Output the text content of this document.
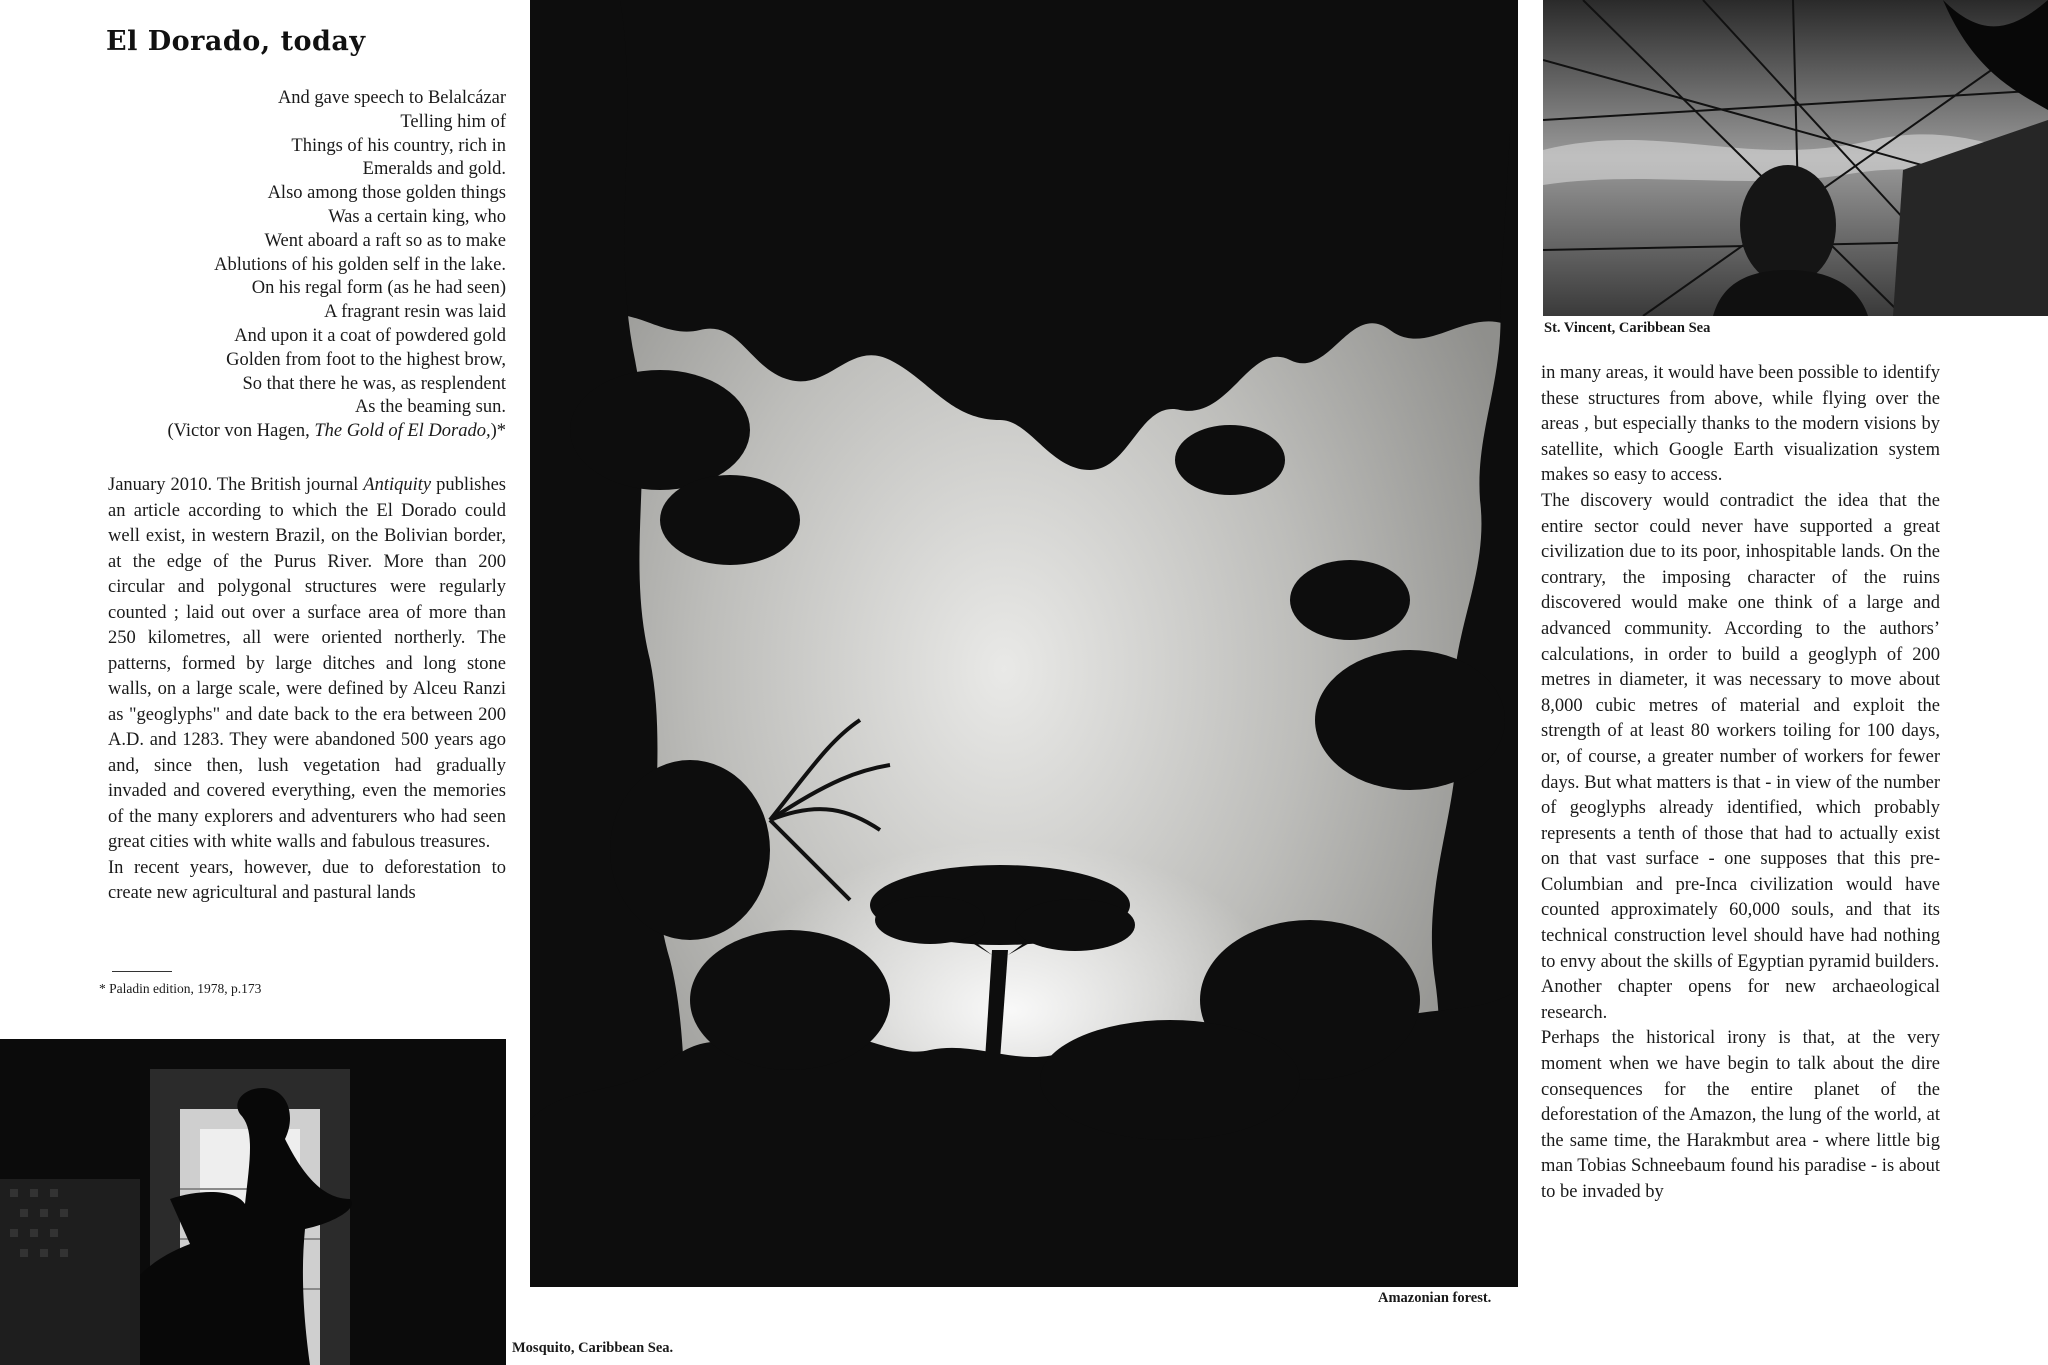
El Dorado, today
And gave speech to Belalcázar
Telling him of
Things of his country, rich in
Emeralds and gold.
Also among those golden things
Was a certain king, who
Went aboard a raft so as to make
Ablutions of his golden self in the lake.
On his regal form (as he had seen)
A fragrant resin was laid
And upon it a coat of powdered gold
Golden from foot to the highest brow,
So that there he was, as resplendent
As the beaming sun.
(Victor von Hagen, The Gold of El Dorado,)*

January 2010. The British journal Antiquity publishes an article according to which the El Dorado could well exist, in western Brazil, on the Bolivian border, at the edge of the Purus River. More than 200 circular and polygonal structures were regularly counted ; laid out over a surface area of more than 250 kilometres, all were oriented northerly. The patterns, formed by large ditches and long stone walls, on a large scale, were defined by Alceu Ranzi as "geoglyphs" and date back to the era between 200 A.D. and 1283. They were abandoned 500 years ago and, since then, lush vegetation had gradually invaded and covered everything, even the memories of the many explorers and adventurers who had seen great cities with white walls and fabulous treasures.

In recent years, however, due to deforestation to create new agricultural and pastural lands

* Paladin edition, 1978, p.173
Amazonian forest.
St. Vincent, Caribbean Sea

in many areas, it would have been possible to identify these structures from above, while flying over the areas , but especially thanks to the modern visions by satellite, which Google Earth visualization system makes so easy to access.

The discovery would contradict the idea that the entire sector could never have supported a great civilization due to its poor, inhospitable lands. On the contrary, the imposing character of the ruins discovered would make one think of a large and advanced community. According to the authors’ calculations, in order to build a geoglyph of 200 metres in diameter, it was necessary to move about 8,000 cubic metres of material and exploit the strength of at least 80 workers toiling for 100 days, or, of course, a greater number of workers for fewer days. But what matters is that - in view of the number of geoglyphs already identified, which probably represents a tenth of those that had to actually exist on that vast surface - one supposes that this pre-Columbian and pre-Inca civilization would have counted approximately 60,000 souls, and that its technical construction level should have had nothing to envy about the skills of Egyptian pyramid builders.

Another chapter opens for new archaeological research.

Perhaps the historical irony is that, at the very moment when we have begin to talk about the dire consequences for the entire planet of the deforestation of the Amazon, the lung of the world, at the same time, the Harakmbut area - where little big man Tobias Schneebaum found his paradise - is about to be invaded by

Mosquito, Caribbean Sea.
